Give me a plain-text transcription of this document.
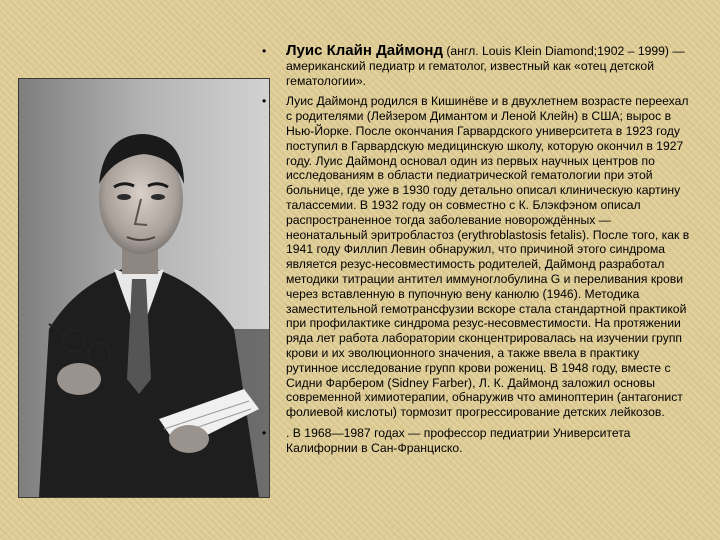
• Луис Клайн Даймонд (англ. Louis Klein Diamond;1902 – 1999) — американский педиатр и гематолог, известный как «отец детской гематологии».
• Луис Даймонд родился в Кишинёве и в двухлетнем возрасте переехал с родителями (Лейзером Димантом и Леной Клейн) в США; вырос в Нью-Йорке. После окончания Гарвардского университета в 1923 году поступил в Гарвардскую медицинскую школу, которую окончил в 1927 году. Луис Даймонд основал один из первых научных центров по исследованиям в области педиатрической гематологии при этой больнице, где уже в 1930 году детально описал клиническую картину талассемии. В 1932 году он совместно с К. Блэкфэном описал распространенное тогда заболевание новорождённых — неонатальный эритробластоз (erythroblastosis fetalis). После того, как в 1941 году Филлип Левин обнаружил, что причиной этого синдрома является резус-несовместимость родителей, Даймонд разработал методики титрации антител иммуноглобулина G и переливания крови через вставленную в пупочную вену канюлю (1946). Методика заместительной гемотрансфузии вскоре стала стандартной практикой при профилактике синдрома резус-несовместимости. На протяжении ряда лет работа лаборатории сконцентрировалась на изучении групп крови и их эволюционного значения, а также ввела в практику рутинное исследование групп крови рожениц. В 1948 году, вместе с Сидни Фарбером (Sidney Farber), Л. К. Даймонд заложил основы современной химиотерапии, обнаружив что аминоптерин (антагонист фолиевой кислоты) тормозит прогрессирование детских лейкозов.
• . В 1968—1987 годах — профессор педиатрии Университета Калифорнии в Сан-Франциско.
